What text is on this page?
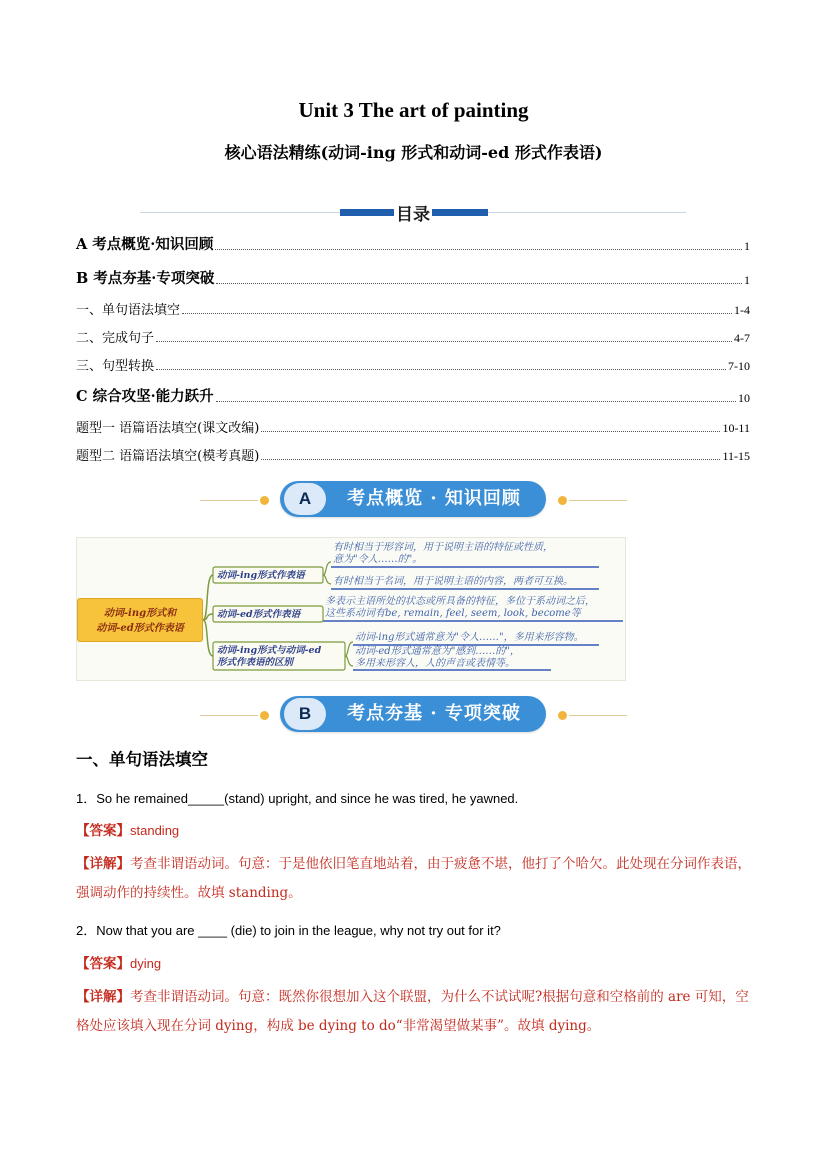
Unit 3 The art of painting
核心语法精练(动词-ing 形式和动词-ed 形式作表语)
目录
A 考点概览·知识回顾	1
B 考点夯基·专项突破	1
一、单句语法填空	1-4
二、完成句子	4-7
三、句型转换	7-10
C 综合攻坚·能力跃升	10
题型一 语篇语法填空(课文改编)	10-11
题型二 语篇语法填空(模考真题)	11-15
A	考点概览 · 知识回顾
动词-ing形式和
动词-ed形式作表语
动词-ing形式作表语
动词-ed形式作表语
动词-ing形式与动词-ed
形式作表语的区别
有时相当于形容词，用于说明主语的特征或性质，
意为"令人……的"。
有时相当于名词，用于说明主语的内容，两者可互换。
多表示主语所处的状态或所具备的特征，多位于系动词之后，
这些系动词有be, remain, feel, seem, look, become等
动词-ing形式通常意为"令人……"，多用来形容物。
动词-ed形式通常意为"感到……的"，
多用来形容人，人的声音或表情等。
B	考点夯基 · 专项突破
一、单句语法填空
1．So he remained_____(stand) upright, and since he was tired, he yawned.
【答案】standing
【详解】考查非谓语动词。句意：于是他依旧笔直地站着，由于疲惫不堪，他打了个哈欠。此处现在分词作表语，强调动作的持续性。故填 standing。
2．Now that you are ____ (die) to join in the league, why not try out for it?
【答案】dying
【详解】考查非谓语动词。句意：既然你很想加入这个联盟，为什么不试试呢?根据句意和空格前的 are 可知，空格处应该填入现在分词 dying，构成 be dying to do“非常渴望做某事”。故填 dying。
